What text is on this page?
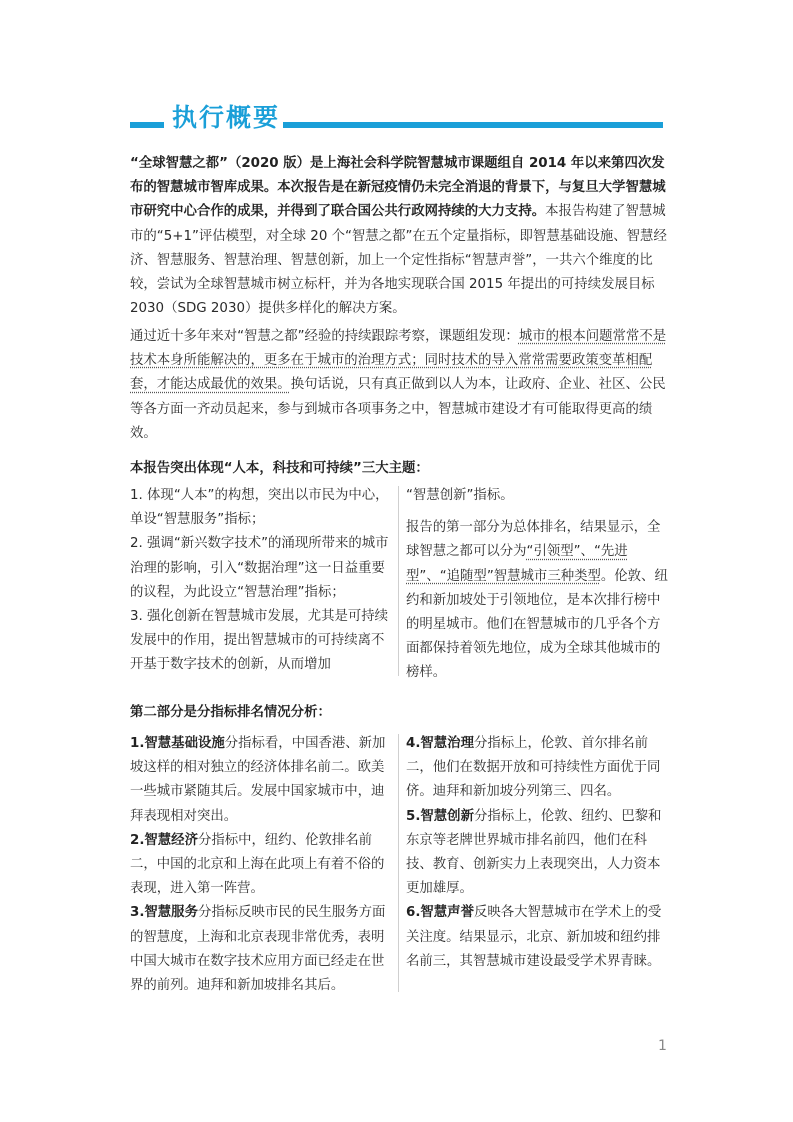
执行概要

“全球智慧之都”（2020 版）是上海社会科学院智慧城市课题组自 2014 年以来第四次发布的智慧城市智库成果。本次报告是在新冠疫情仍未完全消退的背景下，与复旦大学智慧城市研究中心合作的成果，并得到了联合国公共行政网持续的大力支持。本报告构建了智慧城市的“5+1”评估模型，对全球 20 个“智慧之都”在五个定量指标，即智慧基础设施、智慧经济、智慧服务、智慧治理、智慧创新，加上一个定性指标“智慧声誉”，一共六个维度的比较，尝试为全球智慧城市树立标杆，并为各地实现联合国 2015 年提出的可持续发展目标 2030（SDG 2030）提供多样化的解决方案。

通过近十多年来对“智慧之都”经验的持续跟踪考察，课题组发现：城市的根本问题常常不是技术本身所能解决的，更多在于城市的治理方式；同时技术的导入常常需要政策变革相配套，才能达成最优的效果。换句话说，只有真正做到以人为本，让政府、企业、社区、公民等各方面一齐动员起来，参与到城市各项事务之中，智慧城市建设才有可能取得更高的绩效。

本报告突出体现“人本，科技和可持续”三大主题：

1. 体现“人本”的构想，突出以市民为中心，单设“智慧服务”指标；

2. 强调“新兴数字技术”的涌现所带来的城市治理的影响，引入“数据治理”这一日益重要的议程，为此设立“智慧治理”指标；

3. 强化创新在智慧城市发展，尤其是可持续发展中的作用，提出智慧城市的可持续离不开基于数字技术的创新，从而增加

“智慧创新”指标。

报告的第一部分为总体排名，结果显示，全球智慧之都可以分为“引领型”、“先进型”、“追随型”智慧城市三种类型。伦敦、纽约和新加坡处于引领地位，是本次排行榜中的明星城市。他们在智慧城市的几乎各个方面都保持着领先地位，成为全球其他城市的榜样。

第二部分是分指标排名情况分析：

1.智慧基础设施分指标看，中国香港、新加坡这样的相对独立的经济体排名前二。欧美一些城市紧随其后。发展中国家城市中，迪拜表现相对突出。

2.智慧经济分指标中，纽约、伦敦排名前二，中国的北京和上海在此项上有着不俗的表现，进入第一阵营。

3.智慧服务分指标反映市民的民生服务方面的智慧度，上海和北京表现非常优秀，表明中国大城市在数字技术应用方面已经走在世界的前列。迪拜和新加坡排名其后。

4.智慧治理分指标上，伦敦、首尔排名前二，他们在数据开放和可持续性方面优于同侪。迪拜和新加坡分列第三、四名。

5.智慧创新分指标上，伦敦、纽约、巴黎和东京等老牌世界城市排名前四，他们在科技、教育、创新实力上表现突出，人力资本更加雄厚。

6.智慧声誉反映各大智慧城市在学术上的受关注度。结果显示，北京、新加坡和纽约排名前三，其智慧城市建设最受学术界青睐。

1
